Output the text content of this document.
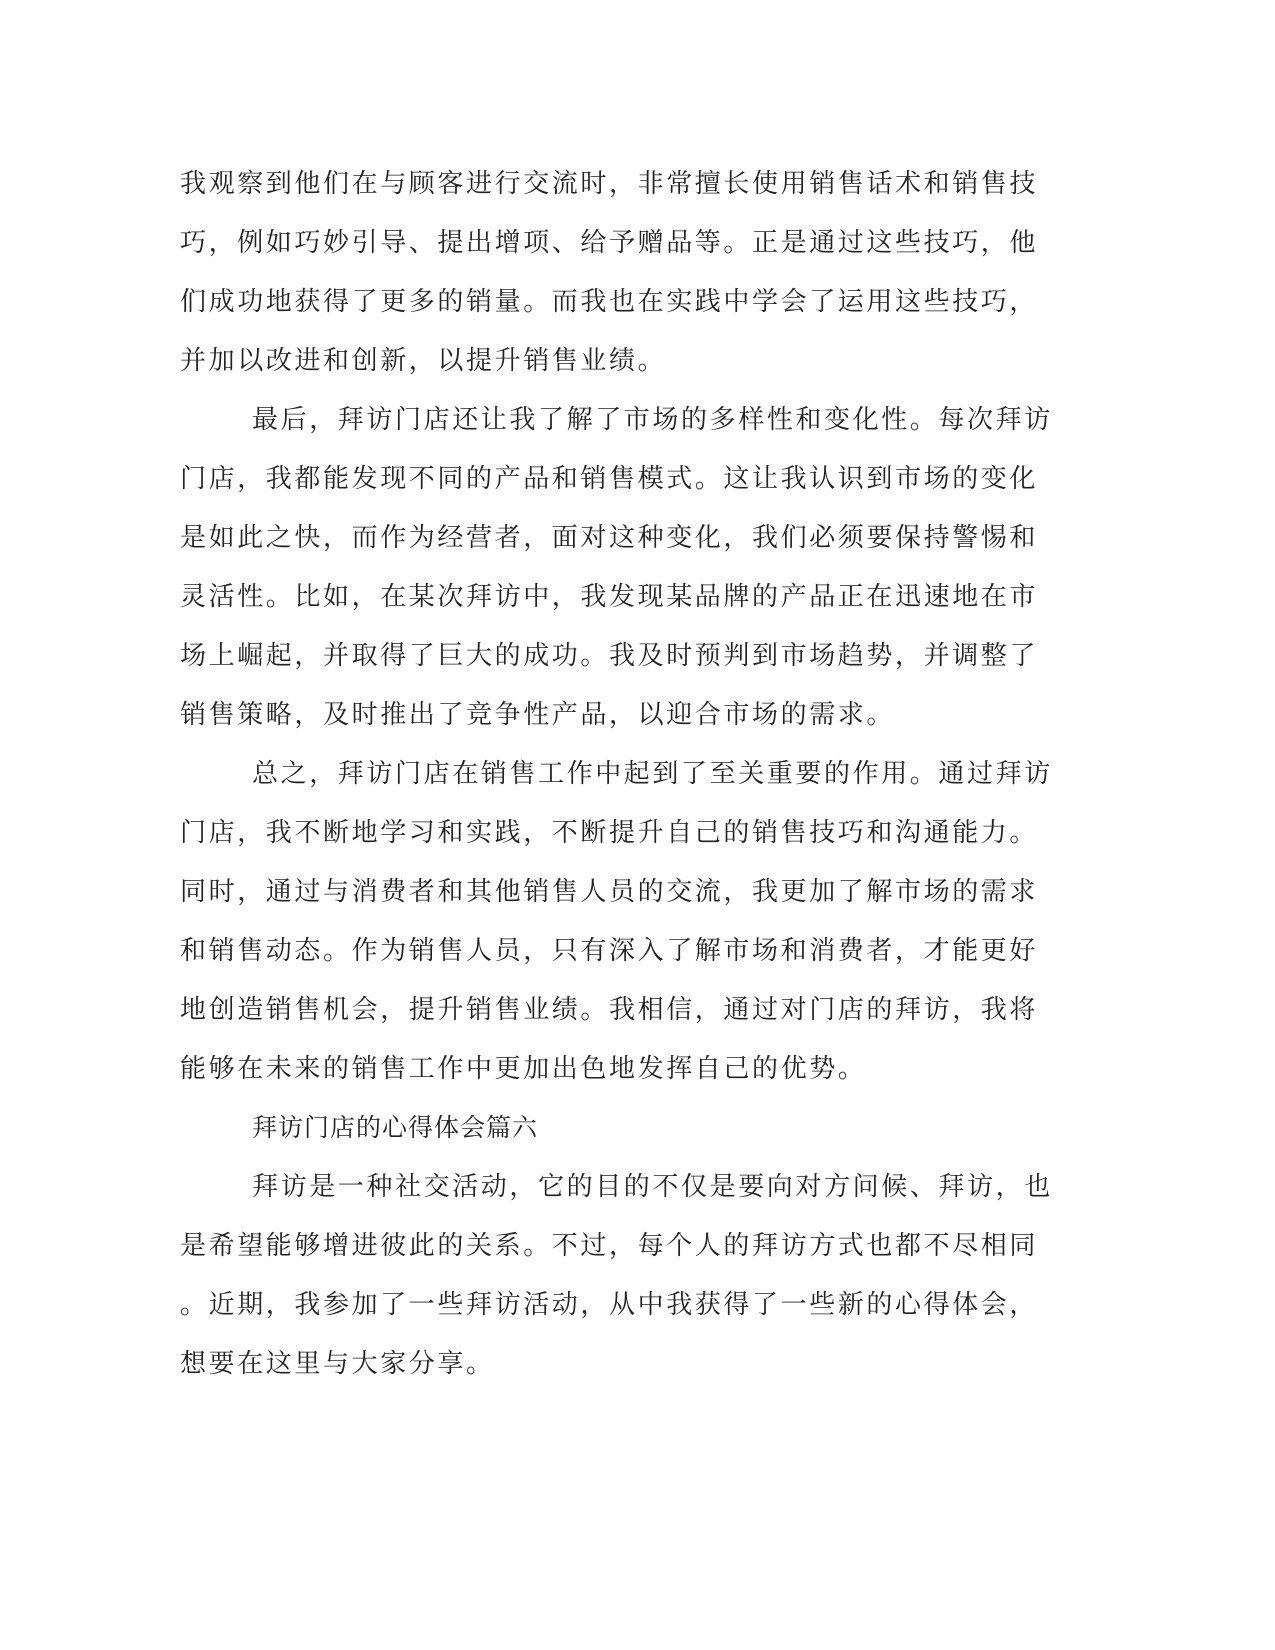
我观察到他们在与顾客进行交流时，非常擅长使用销售话术和销售技
巧，例如巧妙引导、提出增项、给予赠品等。正是通过这些技巧，他
们成功地获得了更多的销量。而我也在实践中学会了运用这些技巧，
并加以改进和创新，以提升销售业绩。
最后，拜访门店还让我了解了市场的多样性和变化性。每次拜访
门店，我都能发现不同的产品和销售模式。这让我认识到市场的变化
是如此之快，而作为经营者，面对这种变化，我们必须要保持警惕和
灵活性。比如，在某次拜访中，我发现某品牌的产品正在迅速地在市
场上崛起，并取得了巨大的成功。我及时预判到市场趋势，并调整了
销售策略，及时推出了竞争性产品，以迎合市场的需求。
总之，拜访门店在销售工作中起到了至关重要的作用。通过拜访
门店，我不断地学习和实践，不断提升自己的销售技巧和沟通能力。
同时，通过与消费者和其他销售人员的交流，我更加了解市场的需求
和销售动态。作为销售人员，只有深入了解市场和消费者，才能更好
地创造销售机会，提升销售业绩。我相信，通过对门店的拜访，我将
能够在未来的销售工作中更加出色地发挥自己的优势。
拜访门店的心得体会篇六
拜访是一种社交活动，它的目的不仅是要向对方问候、拜访，也
是希望能够增进彼此的关系。不过，每个人的拜访方式也都不尽相同
。近期，我参加了一些拜访活动，从中我获得了一些新的心得体会，
想要在这里与大家分享。
